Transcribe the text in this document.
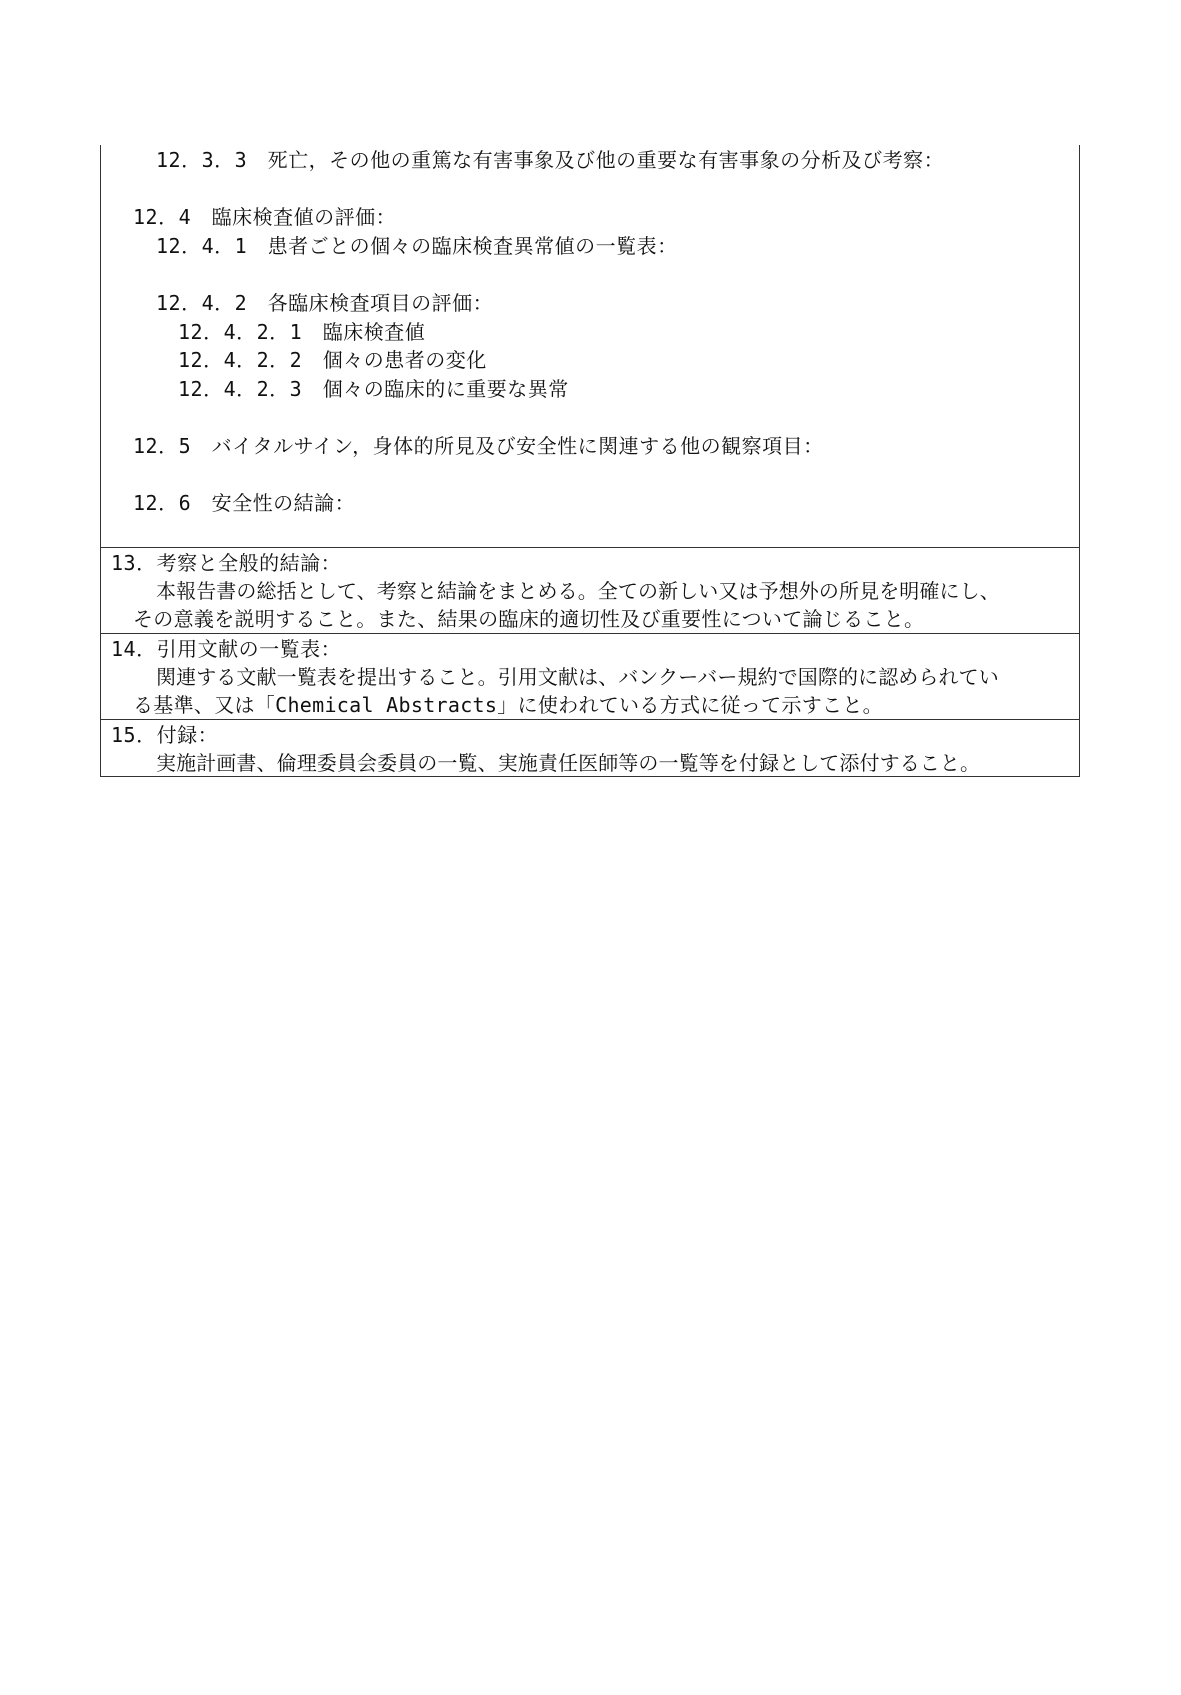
12．3．3　死亡，その他の重篤な有害事象及び他の重要な有害事象の分析及び考察：
12．4　臨床検査値の評価：
12．4．1　患者ごとの個々の臨床検査異常値の一覧表：
12．4．2　各臨床検査項目の評価：
12．4．2．1　臨床検査値
12．4．2．2　個々の患者の変化
12．4．2．3　個々の臨床的に重要な異常
12．5　バイタルサイン，身体的所見及び安全性に関連する他の観察項目：
12．6　安全性の結論：
13．考察と全般的結論：
本報告書の総括として、考察と結論をまとめる。全ての新しい又は予想外の所見を明確にし、
その意義を説明すること。また、結果の臨床的適切性及び重要性について論じること。
14．引用文献の一覧表：
関連する文献一覧表を提出すること。引用文献は、バンクーバー規約で国際的に認められてい
る基準、又は「Chemical Abstracts」に使われている方式に従って示すこと。
15．付録：
実施計画書、倫理委員会委員の一覧、実施責任医師等の一覧等を付録として添付すること。
